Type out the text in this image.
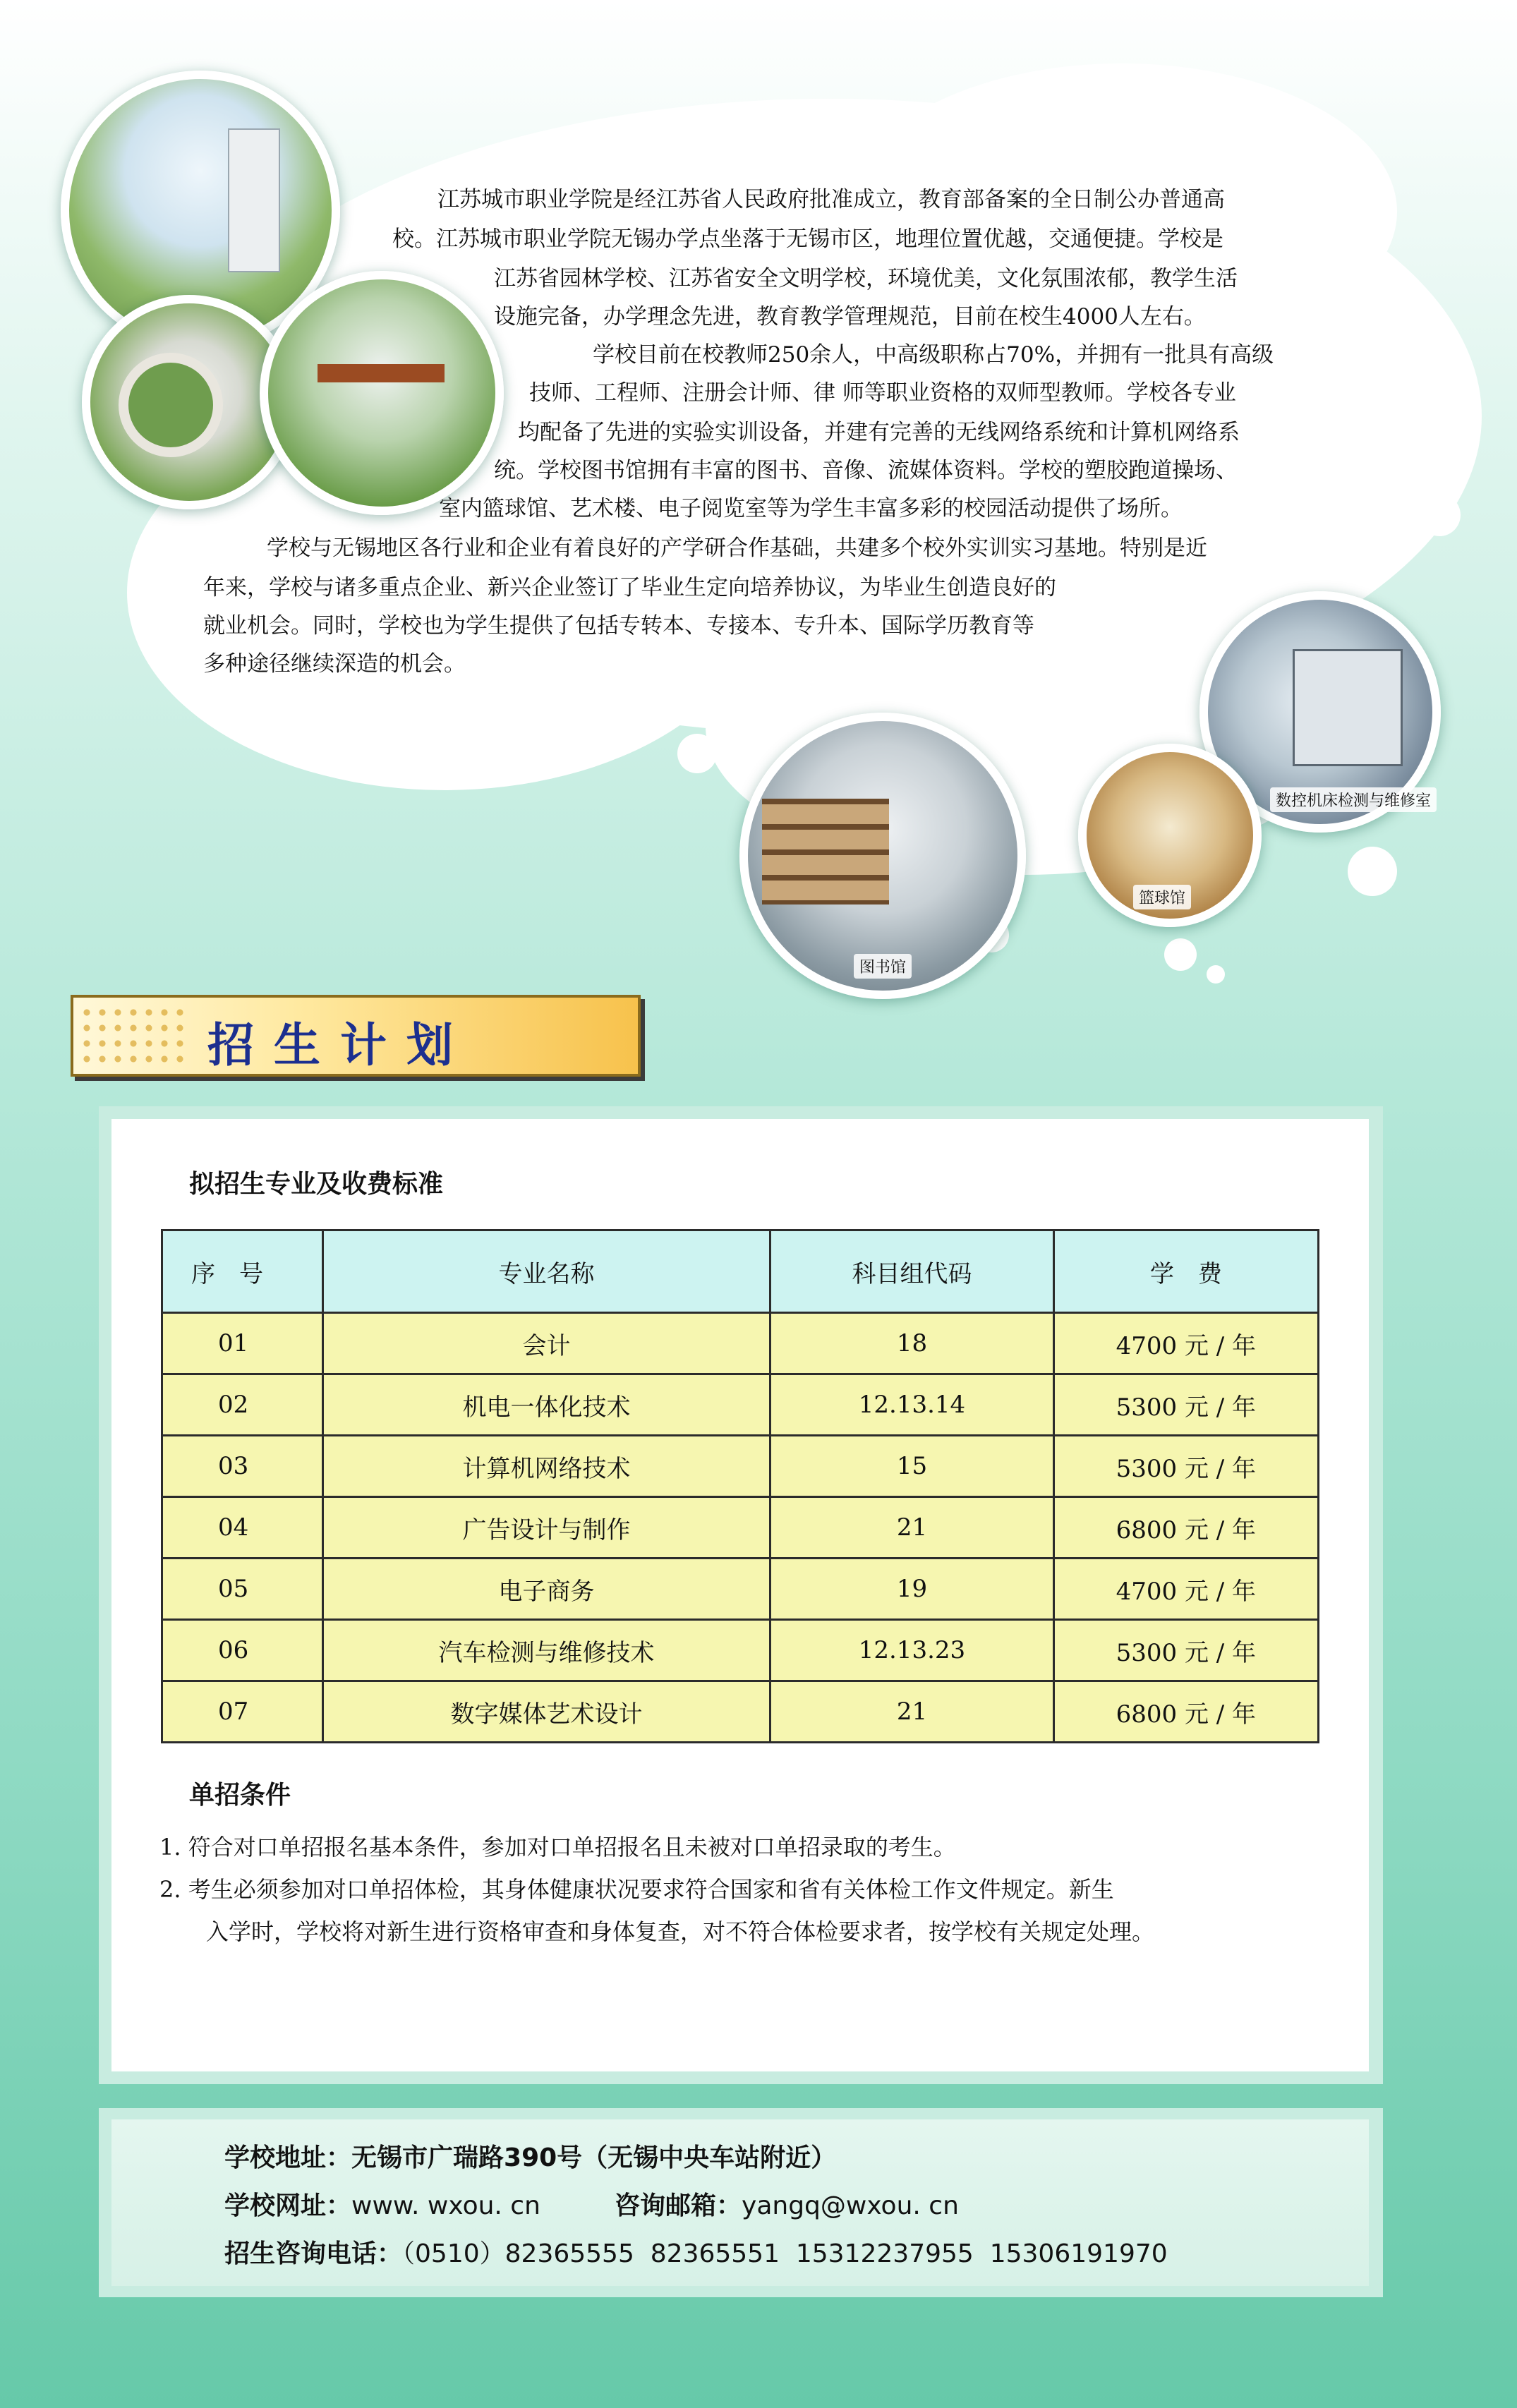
江苏城市职业学院是经江苏省人民政府批准成立，教育部备案的全日制公办普通高
校。江苏城市职业学院无锡办学点坐落于无锡市区，地理位置优越，交通便捷。学校是
江苏省园林学校、江苏省安全文明学校，环境优美，文化氛围浓郁，教学生活
设施完备，办学理念先进，教育教学管理规范，目前在校生4000人左右。
学校目前在校教师250余人，中高级职称占70%，并拥有一批具有高级
技师、工程师、注册会计师、律 师等职业资格的双师型教师。学校各专业
均配备了先进的实验实训设备，并建有完善的无线网络系统和计算机网络系
统。学校图书馆拥有丰富的图书、音像、流媒体资料。学校的塑胶跑道操场、
室内篮球馆、艺术楼、电子阅览室等为学生丰富多彩的校园活动提供了场所。
学校与无锡地区各行业和企业有着良好的产学研合作基础，共建多个校外实训实习基地。特别是近
年来，学校与诸多重点企业、新兴企业签订了毕业生定向培养协议，为毕业生创造良好的
就业机会。同时，学校也为学生提供了包括专转本、专接本、专升本、国际学历教育等
多种途径继续深造的机会。
数控机床检测与维修室
篮球馆
图书馆
招生计划
拟招生专业及收费标准
序　号	专业名称	科目组代码	学　费
01	会计	18	4700 元 / 年
02	机电一体化技术	12.13.14	5300 元 / 年
03	计算机网络技术	15	5300 元 / 年
04	广告设计与制作	21	6800 元 / 年
05	电子商务	19	4700 元 / 年
06	汽车检测与维修技术	12.13.23	5300 元 / 年
07	数字媒体艺术设计	21	6800 元 / 年
单招条件
1. 符合对口单招报名基本条件，参加对口单招报名且未被对口单招录取的考生。
2. 考生必须参加对口单招体检，其身体健康状况要求符合国家和省有关体检工作文件规定。新生
入学时，学校将对新生进行资格审查和身体复查，对不符合体检要求者，按学校有关规定处理。
学校地址：无锡市广瑞路390号（无锡中央车站附近）
学校网址：www. wxou. cn	咨询邮箱：yangq@wxou. cn
招生咨询电话：（0510）82365555  82365551  15312237955  15306191970
